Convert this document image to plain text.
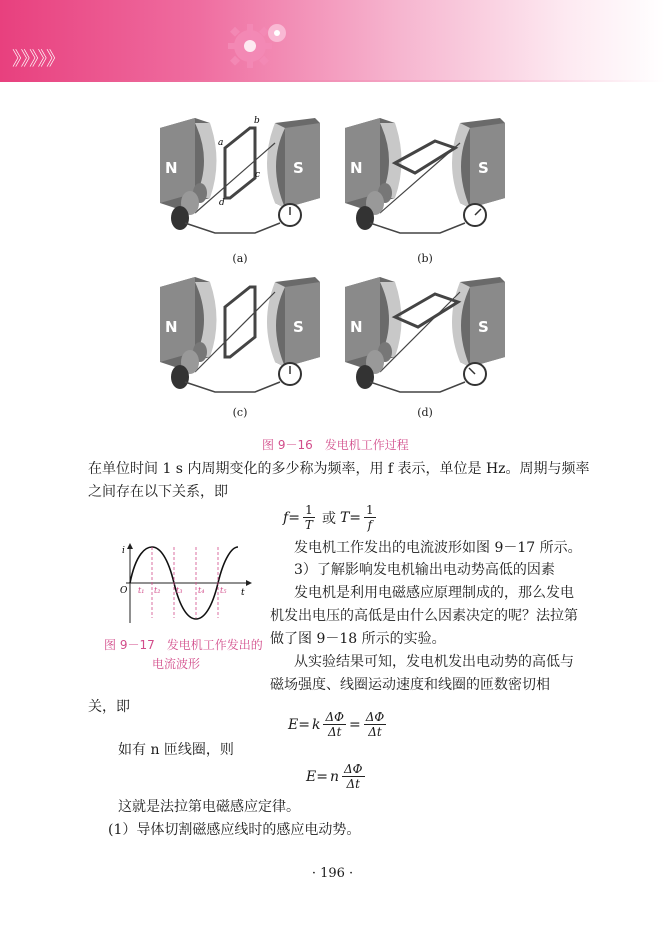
》》》》》
N	S
a
b
c
d
(a)
N	S
(b)
N	S
(c)
N	S
(d)
图 9－16　发电机工作过程
在单位时间 1 s 内周期变化的多少称为频率，用 f 表示，单位是 Hz。周期与频率
之间存在以下关系，即
$f = \frac{1}{T}$ 或 $T = \frac{1}{f}$
i
t
O t₁ t₂ t₃ t₄ t₅
图 9－17　发电机工作发出的
电流波形
发电机工作发出的电流波形如图 9－17 所示。
3）了解影响发电机输出电动势高低的因素
发电机是利用电磁感应原理制成的，那么发电
机发出电压的高低是由什么因素决定的呢？法拉第
做了图 9－18 所示的实验。
从实验结果可知，发电机发出电动势的高低与
磁场强度、线圈运动速度和线圈的匝数密切相
关，即
E = k $\frac{\Delta\Phi}{\Delta t} = \frac{\Delta\Phi}{\Delta t}$
如有 n 匝线圈，则
E = n $\frac{\Delta\Phi}{\Delta t}$
这就是法拉第电磁感应定律。
(1）导体切割磁感应线时的感应电动势。
· 196 ·
